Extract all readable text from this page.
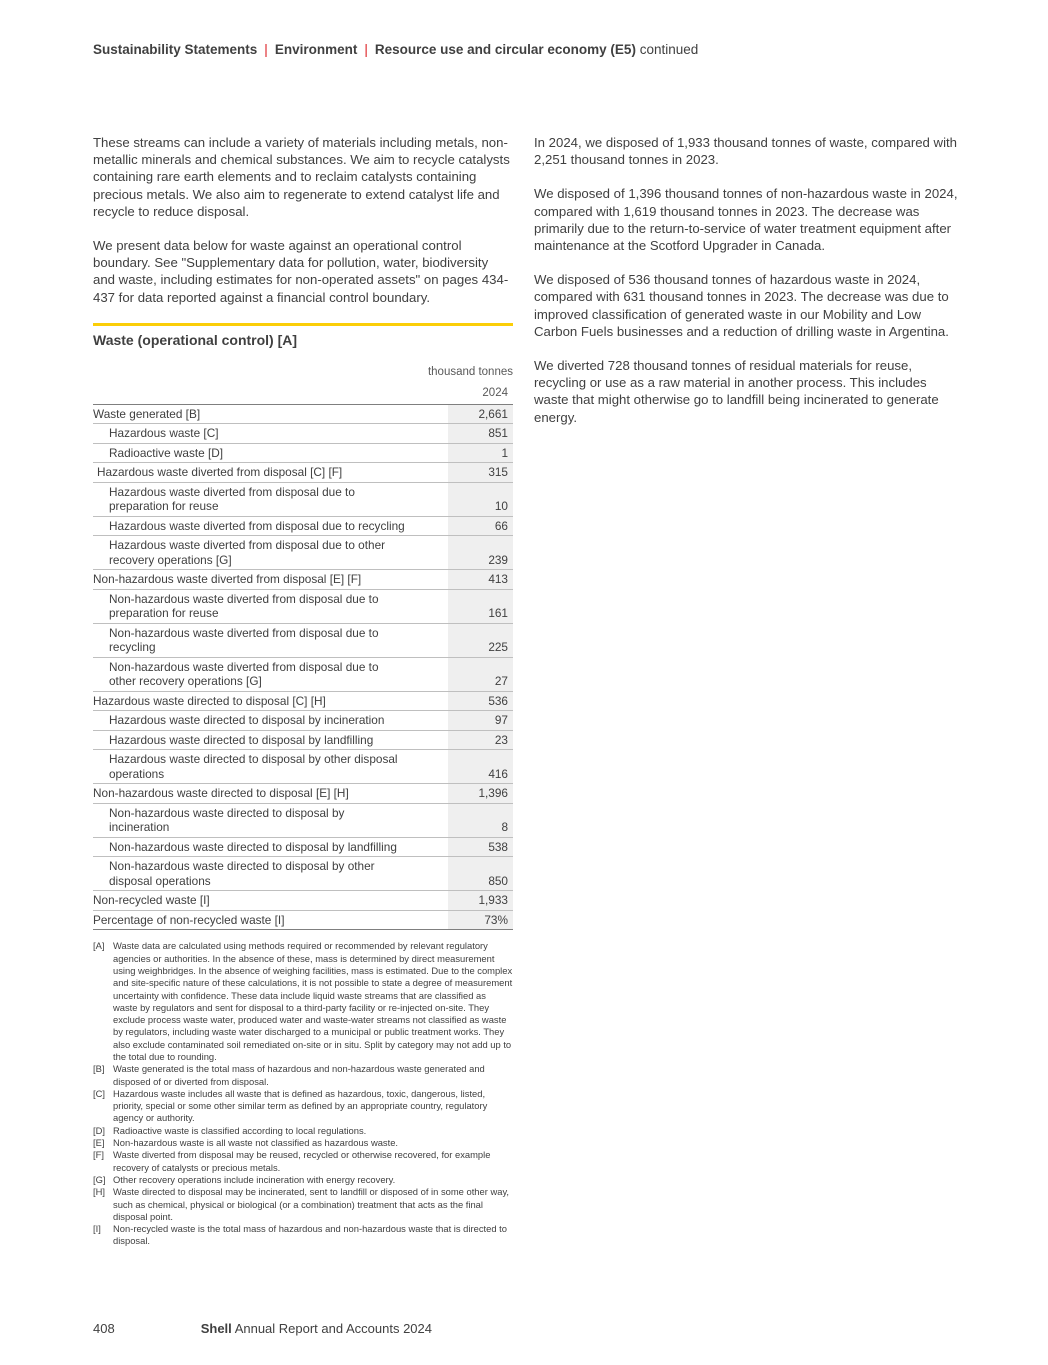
Sustainability Statements | Environment | Resource use and circular economy (E5) continued

These streams can include a variety of materials including metals, non-metallic minerals and chemical substances. We aim to recycle catalysts containing rare earth elements and to reclaim catalysts containing precious metals. We also aim to regenerate to extend catalyst life and recycle to reduce disposal.

We present data below for waste against an operational control boundary. See "Supplementary data for pollution, water, biodiversity and waste, including estimates for non-operated assets" on pages 434-437 for data reported against a financial control boundary.

Waste (operational control) [A]
thousand tonnes
2024
Waste generated [B]	2,661
Hazardous waste [C]	851
Radioactive waste [D]	1
Hazardous waste diverted from disposal [C] [F]	315
Hazardous waste diverted from disposal due to preparation for reuse	10
Hazardous waste diverted from disposal due to recycling	66
Hazardous waste diverted from disposal due to other recovery operations [G]	239
Non-hazardous waste diverted from disposal [E] [F]	413
Non-hazardous waste diverted from disposal due to preparation for reuse	161
Non-hazardous waste diverted from disposal due to recycling	225
Non-hazardous waste diverted from disposal due to other recovery operations [G]	27
Hazardous waste directed to disposal [C] [H]	536
Hazardous waste directed to disposal by incineration	97
Hazardous waste directed to disposal by landfilling	23
Hazardous waste directed to disposal by other disposal operations	416
Non-hazardous waste directed to disposal [E] [H]	1,396
Non-hazardous waste directed to disposal by incineration	8
Non-hazardous waste directed to disposal by landfilling	538
Non-hazardous waste directed to disposal by other disposal operations	850
Non-recycled waste [I]	1,933
Percentage of non-recycled waste [I]	73%
[A] Waste data are calculated using methods required or recommended by relevant regulatory agencies or authorities. In the absence of these, mass is determined by direct measurement using weighbridges. In the absence of weighing facilities, mass is estimated. Due to the complex and site-specific nature of these calculations, it is not possible to state a degree of measurement uncertainty with confidence. These data include liquid waste streams that are classified as waste by regulators and sent for disposal to a third-party facility or re-injected on-site. They exclude process waste water, produced water and waste-water streams not classified as waste by regulators, including waste water discharged to a municipal or public treatment works. They also exclude contaminated soil remediated on-site or in situ. Split by category may not add up to the total due to rounding.
[B] Waste generated is the total mass of hazardous and non-hazardous waste generated and disposed of or diverted from disposal.
[C] Hazardous waste includes all waste that is defined as hazardous, toxic, dangerous, listed, priority, special or some other similar term as defined by an appropriate country, regulatory agency or authority.
[D] Radioactive waste is classified according to local regulations.
[E] Non-hazardous waste is all waste not classified as hazardous waste.
[F] Waste diverted from disposal may be reused, recycled or otherwise recovered, for example recovery of catalysts or precious metals.
[G] Other recovery operations include incineration with energy recovery.
[H] Waste directed to disposal may be incinerated, sent to landfill or disposed of in some other way, such as chemical, physical or biological (or a combination) treatment that acts as the final disposal point.
[I]	Non-recycled waste is the total mass of hazardous and non-hazardous waste that is directed to disposal.

In 2024, we disposed of 1,933 thousand tonnes of waste, compared with 2,251 thousand tonnes in 2023.

We disposed of 1,396 thousand tonnes of non-hazardous waste in 2024, compared with 1,619 thousand tonnes in 2023. The decrease was primarily due to the return-to-service of water treatment equipment after maintenance at the Scotford Upgrader in Canada.

We disposed of 536 thousand tonnes of hazardous waste in 2024, compared with 631 thousand tonnes in 2023. The decrease was due to improved classification of generated waste in our Mobility and Low Carbon Fuels businesses and a reduction of drilling waste in Argentina.

We diverted 728 thousand tonnes of residual materials for reuse, recycling or use as a raw material in another process. This includes waste that might otherwise go to landfill being incinerated to generate energy.

408	Shell Annual Report and Accounts 2024
